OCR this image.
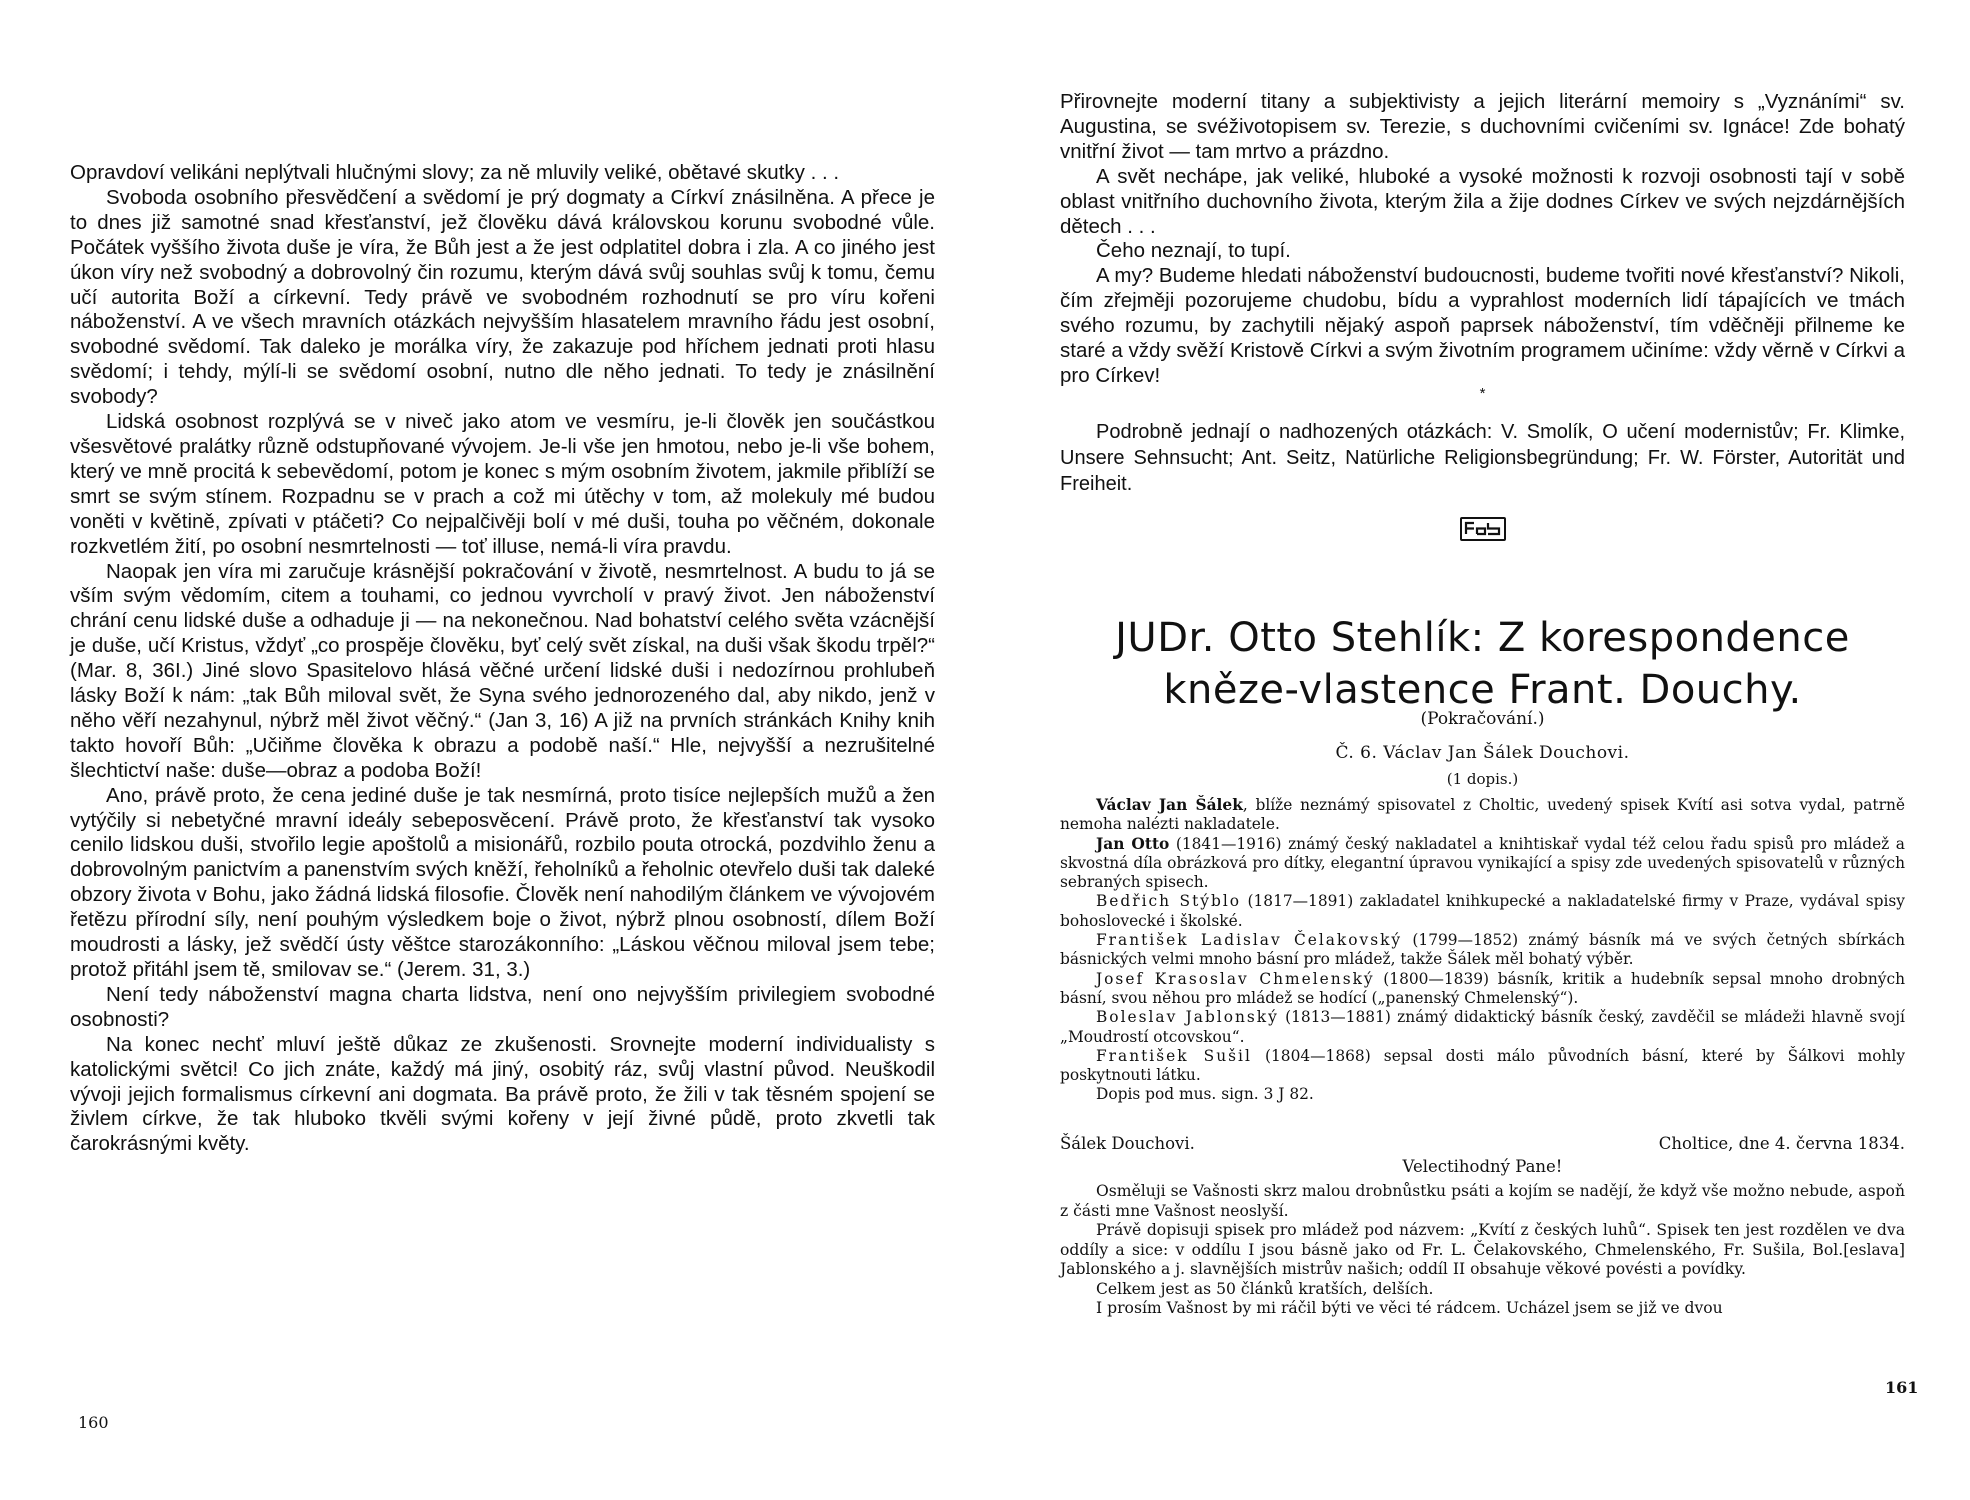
Opravdoví velikáni neplýtvali hlučnými slovy; za ně mluvily veliké, obětavé skutky . . .

Svoboda osobního přesvědčení a svědomí je prý dogmaty a Církví znásilněna. A přece je to dnes již samotné snad křesťanství, jež člověku dává královskou korunu svobodné vůle. Počátek vyššího života duše je víra, že Bůh jest a že jest odplatitel dobra i zla. A co jiného jest úkon víry než svobodný a dobrovolný čin rozumu, kterým dává svůj souhlas svůj k tomu, čemu učí autorita Boží a církevní. Tedy právě ve svobodném rozhodnutí se pro víru kořeni náboženství. A ve všech mravních otázkách nejvyšším hlasatelem mravního řádu jest osobní, svobodné svědomí. Tak daleko je morálka víry, že zakazuje pod hříchem jednati proti hlasu svědomí; i tehdy, mýlí-li se svědomí osobní, nutno dle něho jednati. To tedy je znásilnění svobody?

Lidská osobnost rozplývá se v niveč jako atom ve vesmíru, je-li člověk jen součástkou všesvětové pralátky různě odstupňované vývojem. Je-li vše jen hmotou, nebo je-li vše bohem, který ve mně procitá k sebevědomí, potom je konec s mým osobním životem, jakmile přiblíží se smrt se svým stínem. Rozpadnu se v prach a což mi útěchy v tom, až molekuly mé budou voněti v květině, zpívati v ptáčeti? Co nejpalčivěji bolí v mé duši, touha po věčném, dokonale rozkvetlém žití, po osobní nesmrtelnosti — toť illuse, nemá-li víra pravdu.

Naopak jen víra mi zaručuje krásnější pokračování v životě, nesmrtelnost. A budu to já se vším svým vědomím, citem a touhami, co jednou vyvrcholí v pravý život. Jen náboženství chrání cenu lidské duše a odhaduje ji — na nekonečnou. Nad bohatství celého světa vzácnější je duše, učí Kristus, vždyť „co prospěje člověku, byť celý svět získal, na duši však škodu trpěl?“ (Mar. 8, 36I.) Jiné slovo Spasitelovo hlásá věčné určení lidské duši i nedozírnou prohlubeň lásky Boží k nám: „tak Bůh miloval svět, že Syna svého jednorozeného dal, aby nikdo, jenž v něho věří nezahynul, nýbrž měl život věčný.“ (Jan 3, 16) A již na prvních stránkách Knihy knih takto hovoří Bůh: „Učiňme člověka k obrazu a podobě naší.“ Hle, nejvyšší a nezrušitelné šlechtictví naše: duše—obraz a podoba Boží!

Ano, právě proto, že cena jediné duše je tak nesmírná, proto tisíce nejlepších mužů a žen vytýčily si nebetyčné mravní ideály sebeposvěcení. Právě proto, že křesťanství tak vysoko cenilo lidskou duši, stvořilo legie apoštolů a misionářů, rozbilo pouta otrocká, pozdvihlo ženu a dobrovolným panictvím a panenstvím svých kněží, řeholníků a řeholnic otevřelo duši tak daleké obzory života v Bohu, jako žádná lidská filosofie. Člověk není nahodilým článkem ve vývojovém řetězu přírodní síly, není pouhým výsledkem boje o život, nýbrž plnou osobností, dílem Boží moudrosti a lásky, jež svědčí ústy věštce starozákonního: „Láskou věčnou miloval jsem tebe; protož přitáhl jsem tě, smilovav se.“ (Jerem. 31, 3.)

Není tedy náboženství magna charta lidstva, není ono nejvyšším privilegiem svobodné osobnosti?

Na konec nechť mluví ještě důkaz ze zkušenosti. Srovnejte moderní individualisty s katolickými světci! Co jich znáte, každý má jiný, osobitý ráz, svůj vlastní původ. Neuškodil vývoji jejich formalismus církevní ani dogmata. Ba právě proto, že žili v tak těsném spojení se živlem církve, že tak hluboko tkvěli svými kořeny v její živné půdě, proto zkvetli tak čarokrásnými květy.

160

Přirovnejte moderní titany a subjektivisty a jejich literární memoiry s „Vyznáními“ sv. Augustina, se svéživotopisem sv. Terezie, s duchovními cvičeními sv. Ignáce! Zde bohatý vnitřní život — tam mrtvo a prázdno.

A svět nechápe, jak veliké, hluboké a vysoké možnosti k rozvoji osobnosti tají v sobě oblast vnitřního duchovního života, kterým žila a žije dodnes Církev ve svých nejzdárnějších dětech . . .

Čeho neznají, to tupí.

A my? Budeme hledati náboženství budoucnosti, budeme tvořiti nové křesťanství? Nikoli, čím zřejměji pozorujeme chudobu, bídu a vyprahlost moderních lidí tápajících ve tmách svého rozumu, by zachytili nějaký aspoň paprsek náboženství, tím vděčněji přilneme ke staré a vždy svěží Kristově Církvi a svým životním programem učiníme: vždy věrně v Církvi a pro Církev!

*
Podrobně jednají o nadhozených otázkách: V. Smolík, O učení modernistův; Fr. Klimke, Unsere Sehnsucht; Ant. Seitz, Natürliche Religionsbegründung; Fr. W. Förster, Autorität und Freiheit.
JUDr. Otto Stehlík: Z korespondence
kněze-vlastence Frant. Douchy.
(Pokračování.)
Č. 6. Václav Jan Šálek Douchovi.
(1 dopis.)

Václav Jan Šálek, blíže neznámý spisovatel z Choltic, uvedený spisek Kvítí asi sotva vydal, patrně nemoha nalézti nakladatele.

Jan Otto (1841—1916) známý český nakladatel a knihtiskař vydal též celou řadu spisů pro mládež a skvostná díla obrázková pro dítky, elegantní úpravou vynikající a spisy zde uvedených spisovatelů v různých sebraných spisech.

Bedřich Stýblo (1817—1891) zakladatel knihkupecké a nakladatelské firmy v Praze, vydával spisy bohoslovecké i školské.

František Ladislav Čelakovský (1799—1852) známý básník má ve svých četných sbírkách básnických velmi mnoho básní pro mládež, takže Šálek měl bohatý výběr.

Josef Krasoslav Chmelenský (1800—1839) básník, kritik a hudebník sepsal mnoho drobných básní, svou něhou pro mládež se hodící („panenský Chmelenský“).

Boleslav Jablonský (1813—1881) známý didaktický básník český, zavděčil se mládeži hlavně svojí „Moudrostí otcovskou“.

František Sušil (1804—1868) sepsal dosti málo původních básní, které by Šálkovi mohly poskytnouti látku.

Dopis pod mus. sign. 3 J 82.

Šálek Douchovi.	Choltice, dne 4. června 1834.
Velectihodný Pane!

Osměluji se Vašnosti skrz malou drobnůstku psáti a kojím se nadějí, že když vše možno nebude, aspoň z části mne Vašnost neoslyší.

Právě dopisuji spisek pro mládež pod názvem: „Kvítí z českých luhů“. Spisek ten jest rozdělen ve dva oddíly a sice: v oddílu I jsou básně jako od Fr. L. Čelakovského, Chmelenského, Fr. Sušila, Bol.[eslava] Jablonského a j. slavnějších mistrův našich; oddíl II obsahuje věkové povésti a povídky.

Celkem jest as 50 článků kratších, delších.

I prosím Vašnost by mi ráčil býti ve věci té rádcem. Ucházel jsem se již ve dvou

161
